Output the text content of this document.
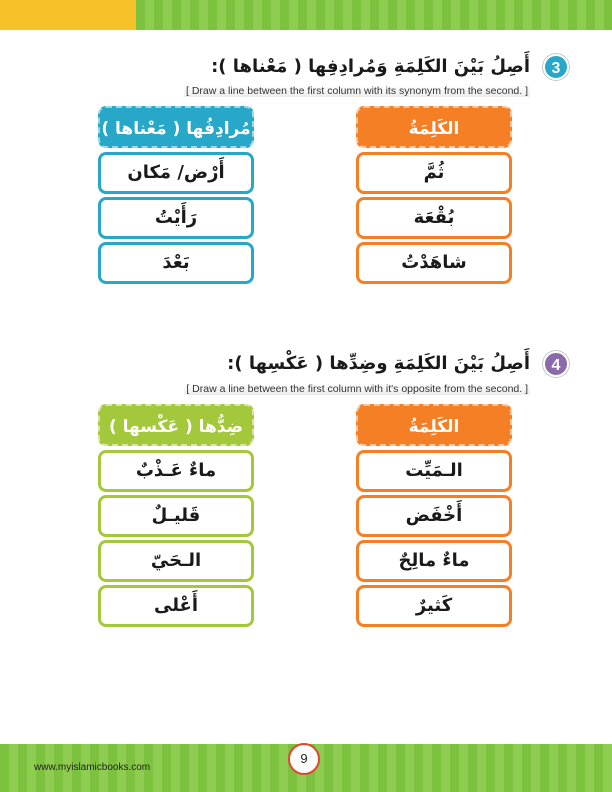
3
أَصِلُ بَيْنَ الكَلِمَةِ وَمُرادِفِها ( مَعْناها ):
[ Draw a line between the first column with its synonym from the second. ]
مُرادِفُها ( مَعْناها )
أَرْض/ مَكان
رَأَيْتُ
بَعْدَ
الكَلِمَةُ
ثُمَّ
بُقْعَة
شاهَدْتُ
4
أَصِلُ بَيْنَ الكَلِمَةِ وضِدِّها ( عَكْسِها ):
[ Draw a line between the first column with it's opposite from the second. ]
ضِدُّها ( عَكْسها )
ماءٌ عَـذْبٌ
قَليـلٌ
الـحَيّ
أَعْلى
الكَلِمَةُ
الـمَيِّت
أَخْفَض
ماءٌ مالِحٌ
كَثيرٌ
www.myislamicbooks.com
9
